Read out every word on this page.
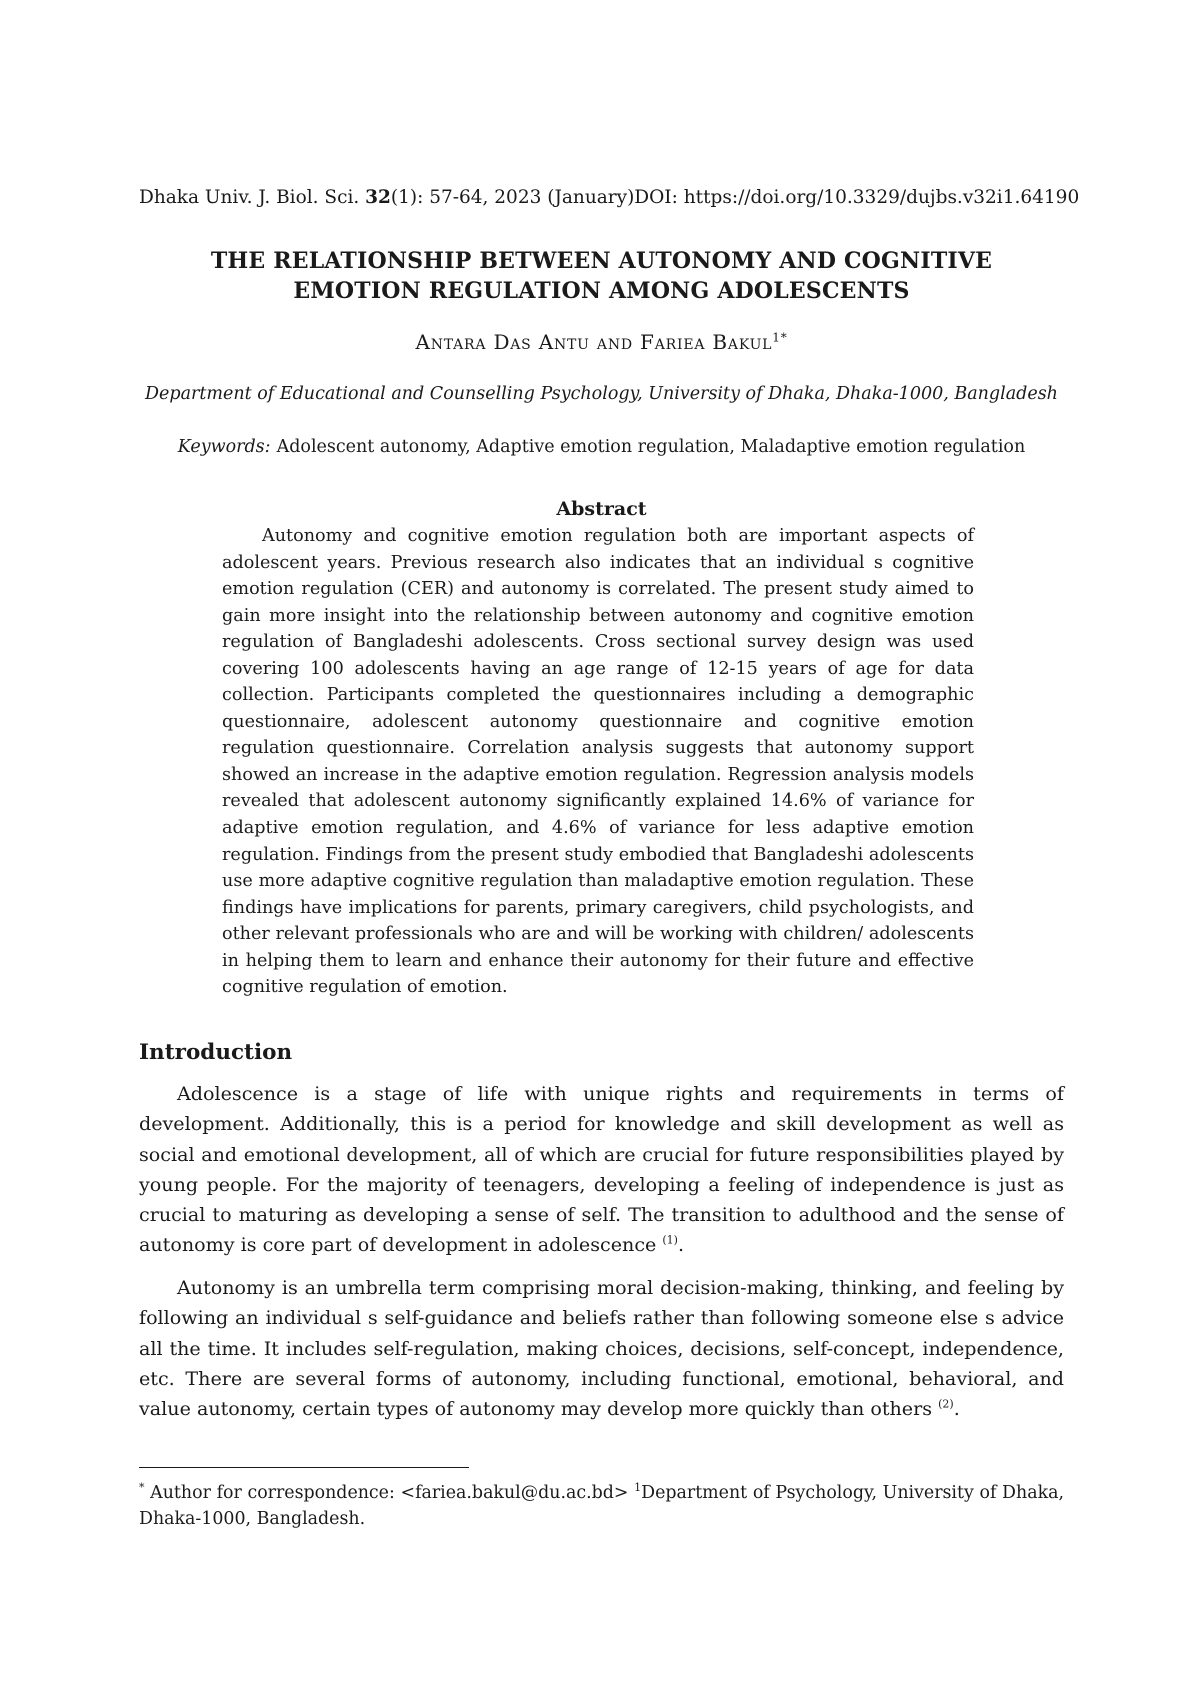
Dhaka Univ. J. Biol. Sci. 32(1): 57-64, 2023 (January) DOI: https://doi.org/10.3329/dujbs.v32i1.64190
THE RELATIONSHIP BETWEEN AUTONOMY AND COGNITIVE
EMOTION REGULATION AMONG ADOLESCENTS
Antara Das Antu and Fariea Bakul$^{1*}$
Department of Educational and Counselling Psychology, University of Dhaka, Dhaka-1000, Bangladesh
Keywords: Adolescent autonomy, Adaptive emotion regulation, Maladaptive emotion regulation
Abstract

Autonomy and cognitive emotion regulation both are important aspects of adolescent years. Previous research also indicates that an individual s cognitive emotion regulation (CER) and autonomy is correlated. The present study aimed to gain more insight into the relationship between autonomy and cognitive emotion regulation of Bangladeshi adolescents. Cross sectional survey design was used covering 100 adolescents having an age range of 12-15 years of age for data collection. Participants completed the questionnaires including a demographic questionnaire, adolescent autonomy questionnaire and cognitive emotion regulation questionnaire. Correlation analysis suggests that autonomy support showed an increase in the adaptive emotion regulation. Regression analysis models revealed that adolescent autonomy significantly explained 14.6% of variance for adaptive emotion regulation, and 4.6% of variance for less adaptive emotion regulation. Findings from the present study embodied that Bangladeshi adolescents use more adaptive cognitive regulation than maladaptive emotion regulation. These findings have implications for parents, primary caregivers, child psychologists, and other relevant professionals who are and will be working with children/ adolescents in helping them to learn and enhance their autonomy for their future and effective cognitive regulation of emotion.

Introduction

Adolescence is a stage of life with unique rights and requirements in terms of development. Additionally, this is a period for knowledge and skill development as well as social and emotional development, all of which are crucial for future responsibilities played by young people. For the majority of teenagers, developing a feeling of independence is just as crucial to maturing as developing a sense of self. The transition to adulthood and the sense of autonomy is core part of development in adolescence $^{(1)}$.

Autonomy is an umbrella term comprising moral decision-making, thinking, and feeling by following an individual s self-guidance and beliefs rather than following someone else s advice all the time. It includes self-regulation, making choices, decisions, self-concept, independence, etc. There are several forms of autonomy, including functional, emotional, behavioral, and value autonomy, certain types of autonomy may develop more quickly than others $^{(2)}$.

* Author for correspondence: <fariea.bakul@du.ac.bd> $^1$Department of Psychology, University of Dhaka, Dhaka-1000, Bangladesh.
